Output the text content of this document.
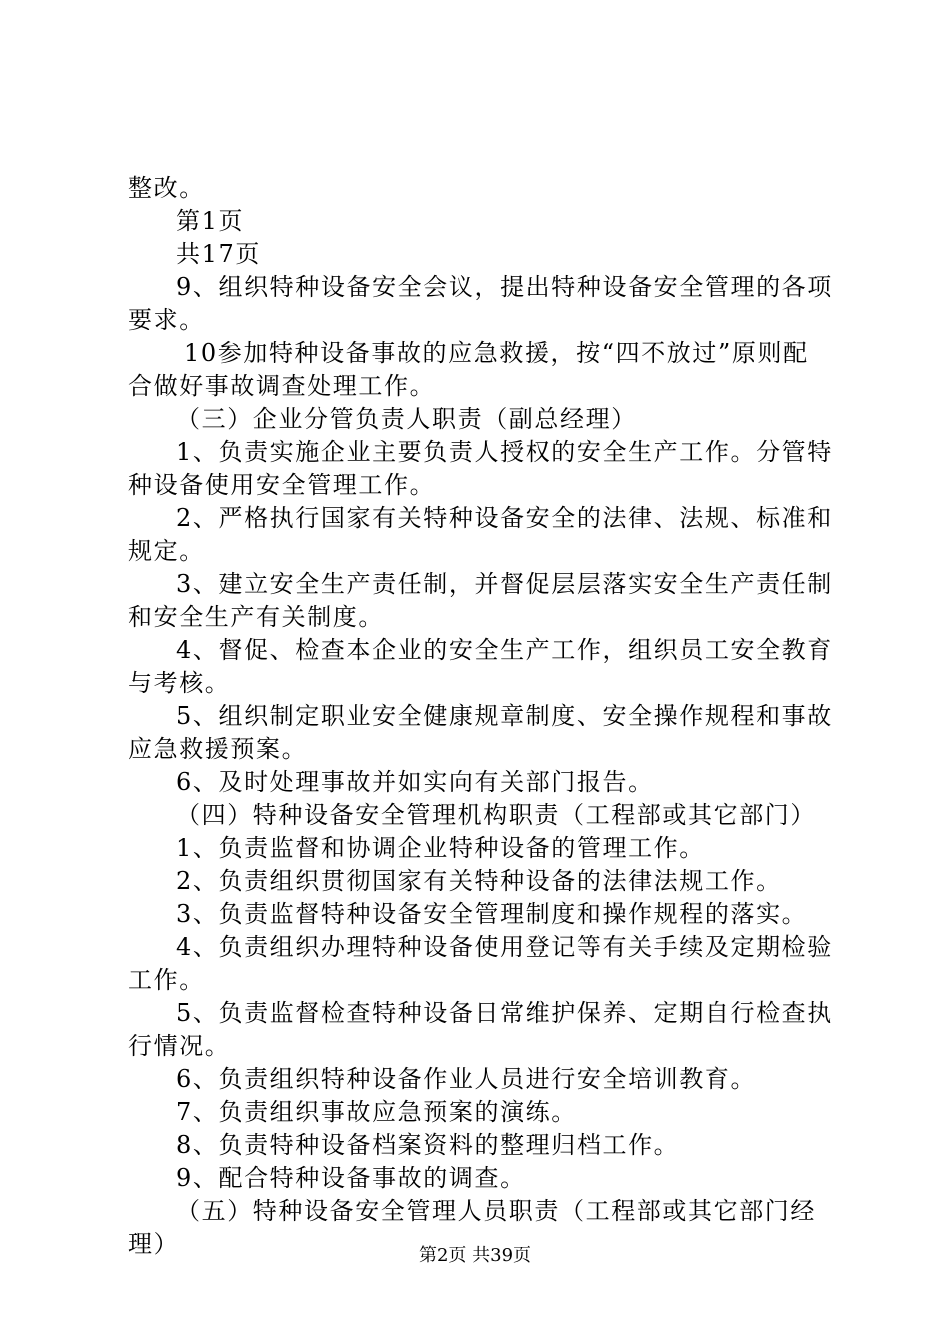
整改。
第1页
共17页
9、组织特种设备安全会议，提出特种设备安全管理的各项
要求。
10参加特种设备事故的应急救援，按“四不放过”原则配
合做好事故调查处理工作。
（三）企业分管负责人职责（副总经理）
1、负责实施企业主要负责人授权的安全生产工作。分管特
种设备使用安全管理工作。
2、严格执行国家有关特种设备安全的法律、法规、标准和
规定。
3、建立安全生产责任制，并督促层层落实安全生产责任制
和安全生产有关制度。
4、督促、检查本企业的安全生产工作，组织员工安全教育
与考核。
5、组织制定职业安全健康规章制度、安全操作规程和事故
应急救援预案。
6、及时处理事故并如实向有关部门报告。
（四）特种设备安全管理机构职责（工程部或其它部门）
1、负责监督和协调企业特种设备的管理工作。
2、负责组织贯彻国家有关特种设备的法律法规工作。
3、负责监督特种设备安全管理制度和操作规程的落实。
4、负责组织办理特种设备使用登记等有关手续及定期检验
工作。
5、负责监督检查特种设备日常维护保养、定期自行检查执
行情况。
6、负责组织特种设备作业人员进行安全培训教育。
7、负责组织事故应急预案的演练。
8、负责特种设备档案资料的整理归档工作。
9、配合特种设备事故的调查。
（五）特种设备安全管理人员职责（工程部或其它部门经
理）	第2页 共39页
